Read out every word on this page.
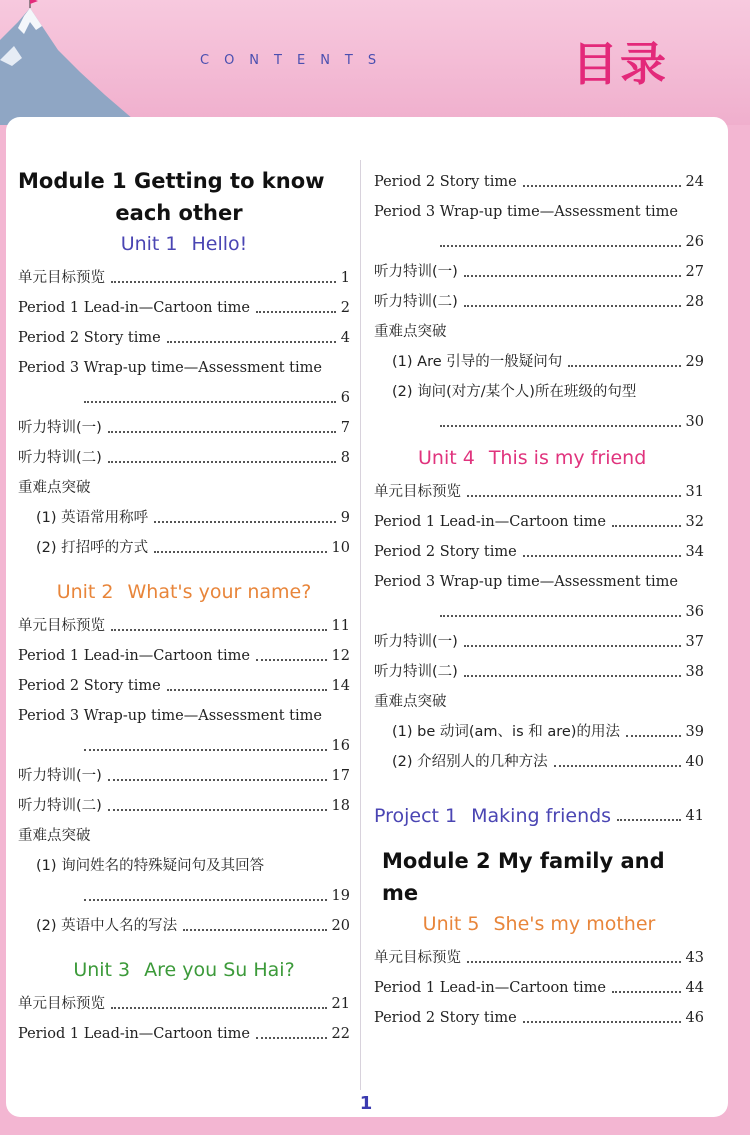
CONTENTS	目录
Module 1 Getting to know
each other
Unit 1 Hello!
单元目标预览	1
Period 1 Lead-in—Cartoon time	2
Period 2 Story time	4
Period 3 Wrap-up time—Assessment time
6
听力特训(一)	7
听力特训(二)	8
重难点突破
(1) 英语常用称呼	9
(2) 打招呼的方式	10
Unit 2 What's your name?
单元目标预览	11
Period 1 Lead-in—Cartoon time	12
Period 2 Story time	14
Period 3 Wrap-up time—Assessment time
16
听力特训(一)	17
听力特训(二)	18
重难点突破
(1) 询问姓名的特殊疑问句及其回答
19
(2) 英语中人名的写法	20
Unit 3 Are you Su Hai?
单元目标预览	21
Period 1 Lead-in—Cartoon time	22
Period 2 Story time	24
Period 3 Wrap-up time—Assessment time
26
听力特训(一)	27
听力特训(二)	28
重难点突破
(1) Are 引导的一般疑问句	29
(2) 询问(对方/某个人)所在班级的句型
30
Unit 4 This is my friend
单元目标预览	31
Period 1 Lead-in—Cartoon time	32
Period 2 Story time	34
Period 3 Wrap-up time—Assessment time
36
听力特训(一)	37
听力特训(二)	38
重难点突破
(1) be 动词(am、is 和 are)的用法	39
(2) 介绍别人的几种方法	40
Project 1 Making friends	41
Module 2 My family and me
Unit 5 She's my mother
单元目标预览	43
Period 1 Lead-in—Cartoon time	44
Period 2 Story time	46
1
